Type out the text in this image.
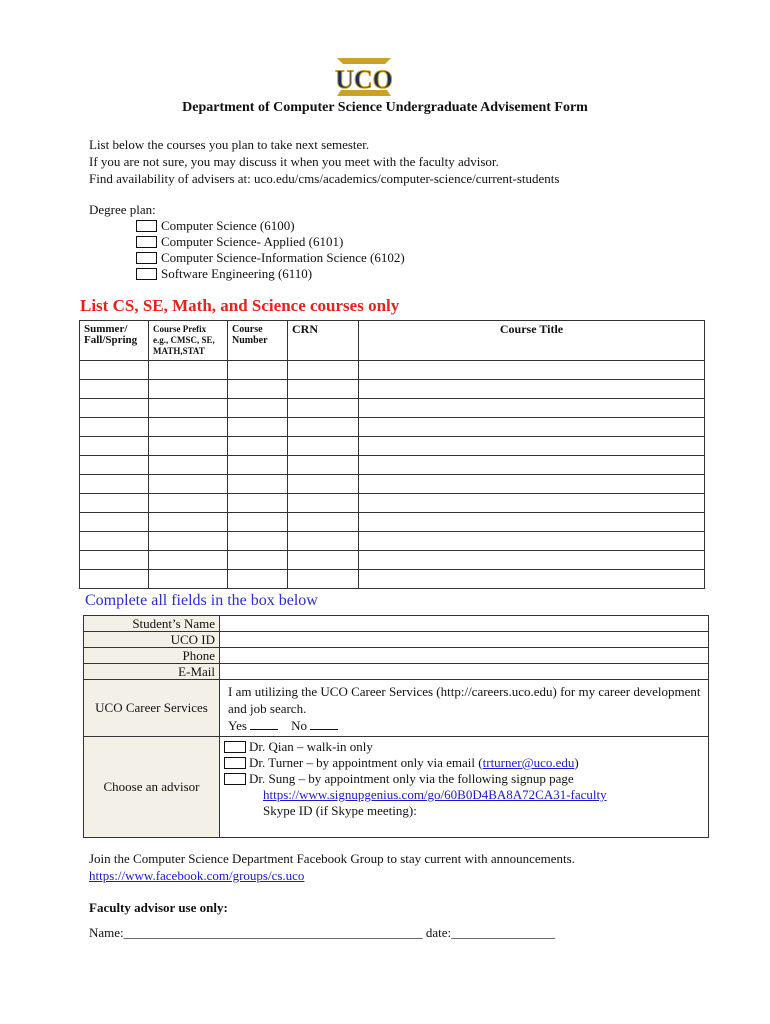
UCO
Department of Computer Science Undergraduate Advisement Form
List below the courses you plan to take next semester.
If you are not sure, you may discuss it when you meet with the faculty advisor.
Find availability of advisers at: uco.edu/cms/academics/computer-science/current-students
Degree plan:
Computer Science (6100)
Computer Science- Applied (6101)
Computer Science-Information Science (6102)
Software Engineering (6110)
List CS, SE, Math, and Science courses only
Summer/ Fall/Spring	Course Prefix e.g., CMSC, SE, MATH,STAT	Course Number	CRN	Course Title

Complete all fields in the box below
Student’s Name	
UCO ID	
Phone	
E-Mail	
UCO Career Services	I am utilizing the UCO Career Services (http://careers.uco.edu) for my career development and job search.
Yes No
Choose an advisor	Dr. Qian – walk-in only
Dr. Turner – by appointment only via email (trturner@uco.edu)
Dr. Sung – by appointment only via the following signup page
https://www.signupgenius.com/go/60B0D4BA8A72CA31-faculty
Skype ID (if Skype meeting):
Join the Computer Science Department Facebook Group to stay current with announcements.
https://www.facebook.com/groups/cs.uco
Faculty advisor use only:
Name:______________________________________________ date:________________
